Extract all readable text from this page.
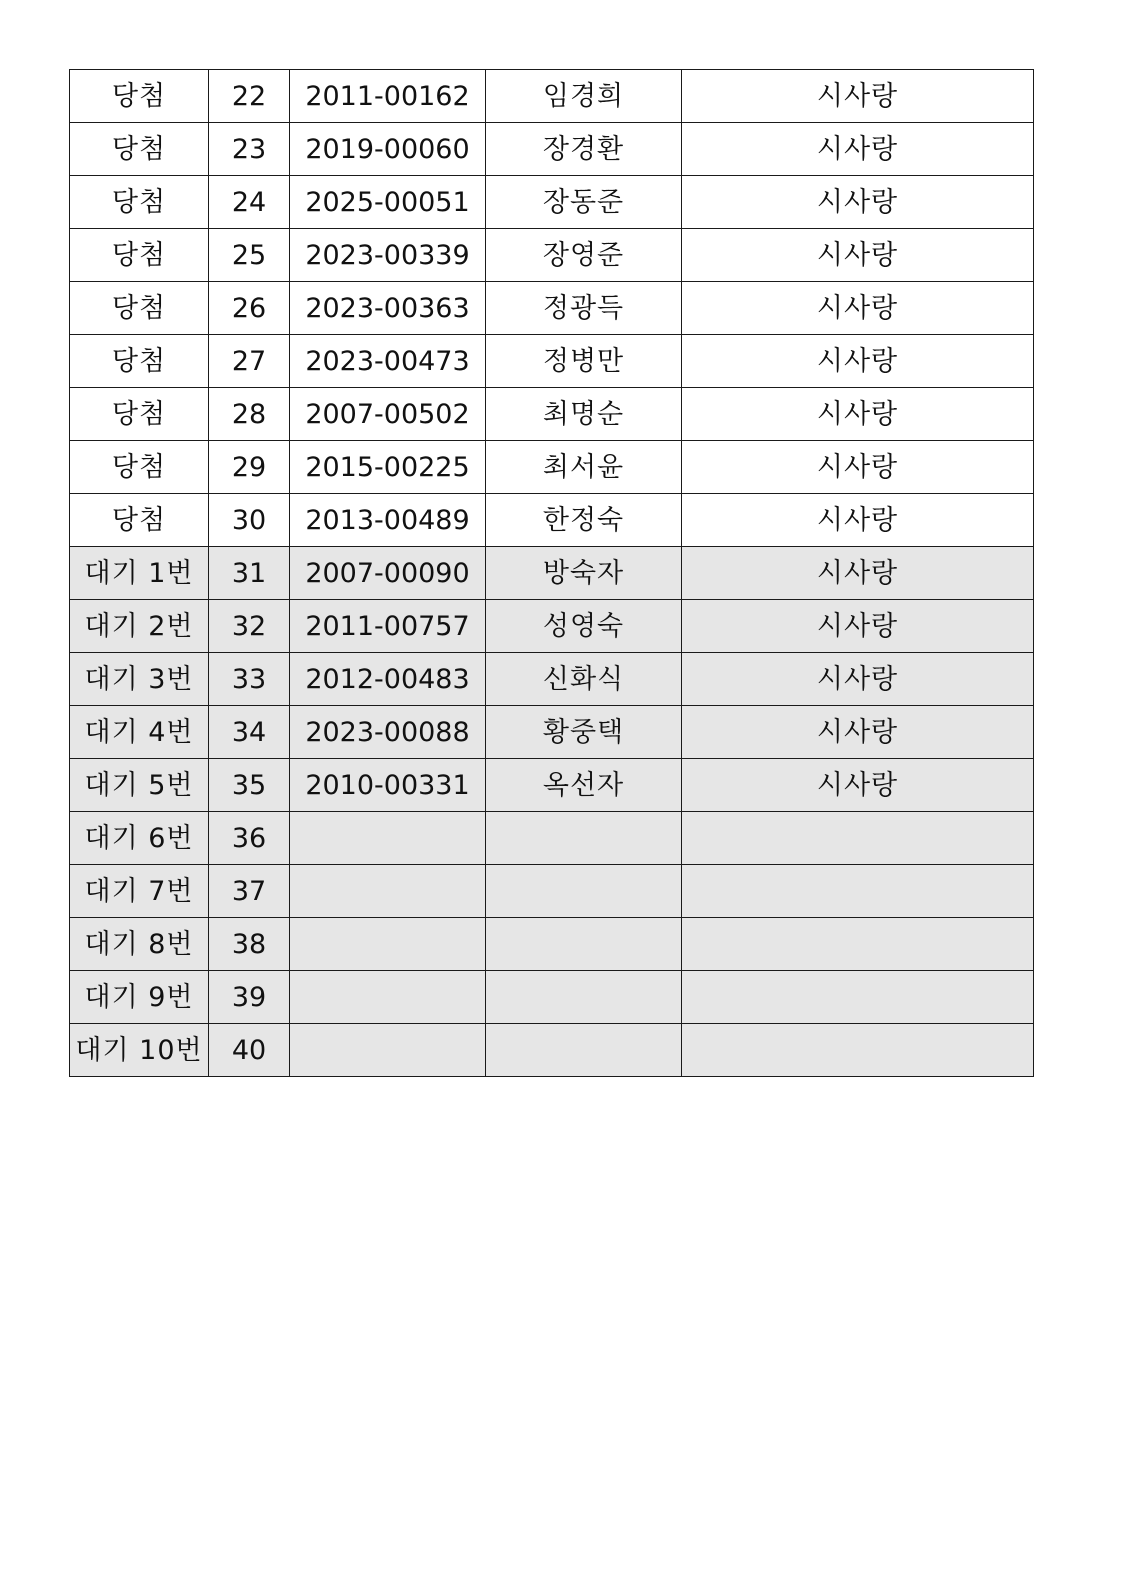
당첨	22	2011-00162	임경희	시사랑
당첨	23	2019-00060	장경환	시사랑
당첨	24	2025-00051	장동준	시사랑
당첨	25	2023-00339	장영준	시사랑
당첨	26	2023-00363	정광득	시사랑
당첨	27	2023-00473	정병만	시사랑
당첨	28	2007-00502	최명순	시사랑
당첨	29	2015-00225	최서윤	시사랑
당첨	30	2013-00489	한정숙	시사랑
대기 1번	31	2007-00090	방숙자	시사랑
대기 2번	32	2011-00757	성영숙	시사랑
대기 3번	33	2012-00483	신화식	시사랑
대기 4번	34	2023-00088	황중택	시사랑
대기 5번	35	2010-00331	옥선자	시사랑
대기 6번	36			
대기 7번	37			
대기 8번	38			
대기 9번	39			
대기 10번	40			
